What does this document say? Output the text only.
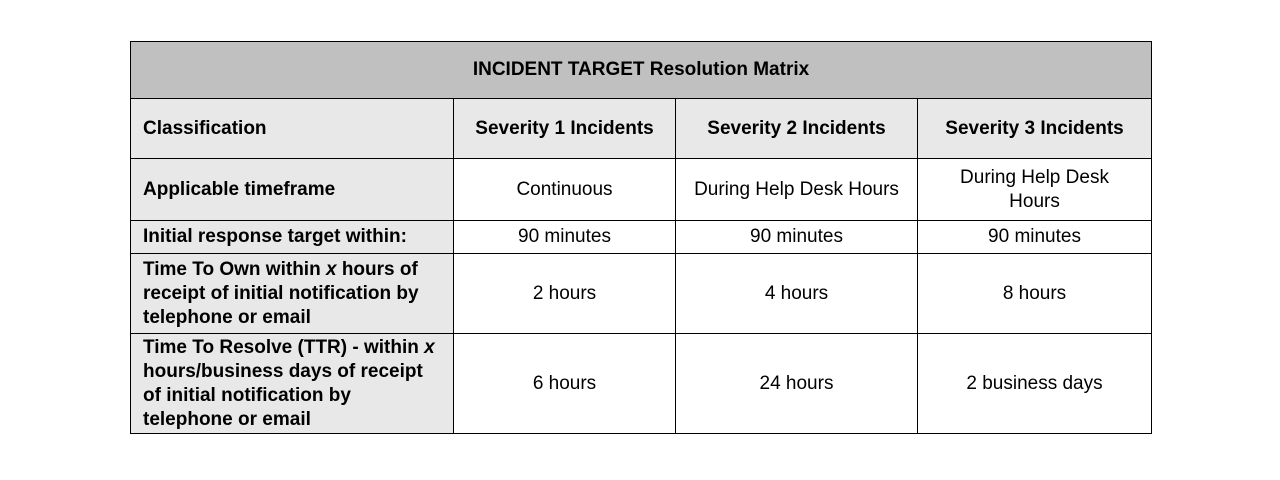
INCIDENT TARGET Resolution Matrix			
Classification	Severity 1 Incidents	Severity 2 Incidents	Severity 3 Incidents
Applicable timeframe	Continuous	During Help Desk Hours	During Help Desk Hours
Initial response target within:	90 minutes	90 minutes	90 minutes
Time To Own within x hours of receipt of initial notification by telephone or email	2 hours	4 hours	8 hours
Time To Resolve (TTR) - within x hours/business days of receipt of initial notification by telephone or email	6 hours	24 hours	2 business days
